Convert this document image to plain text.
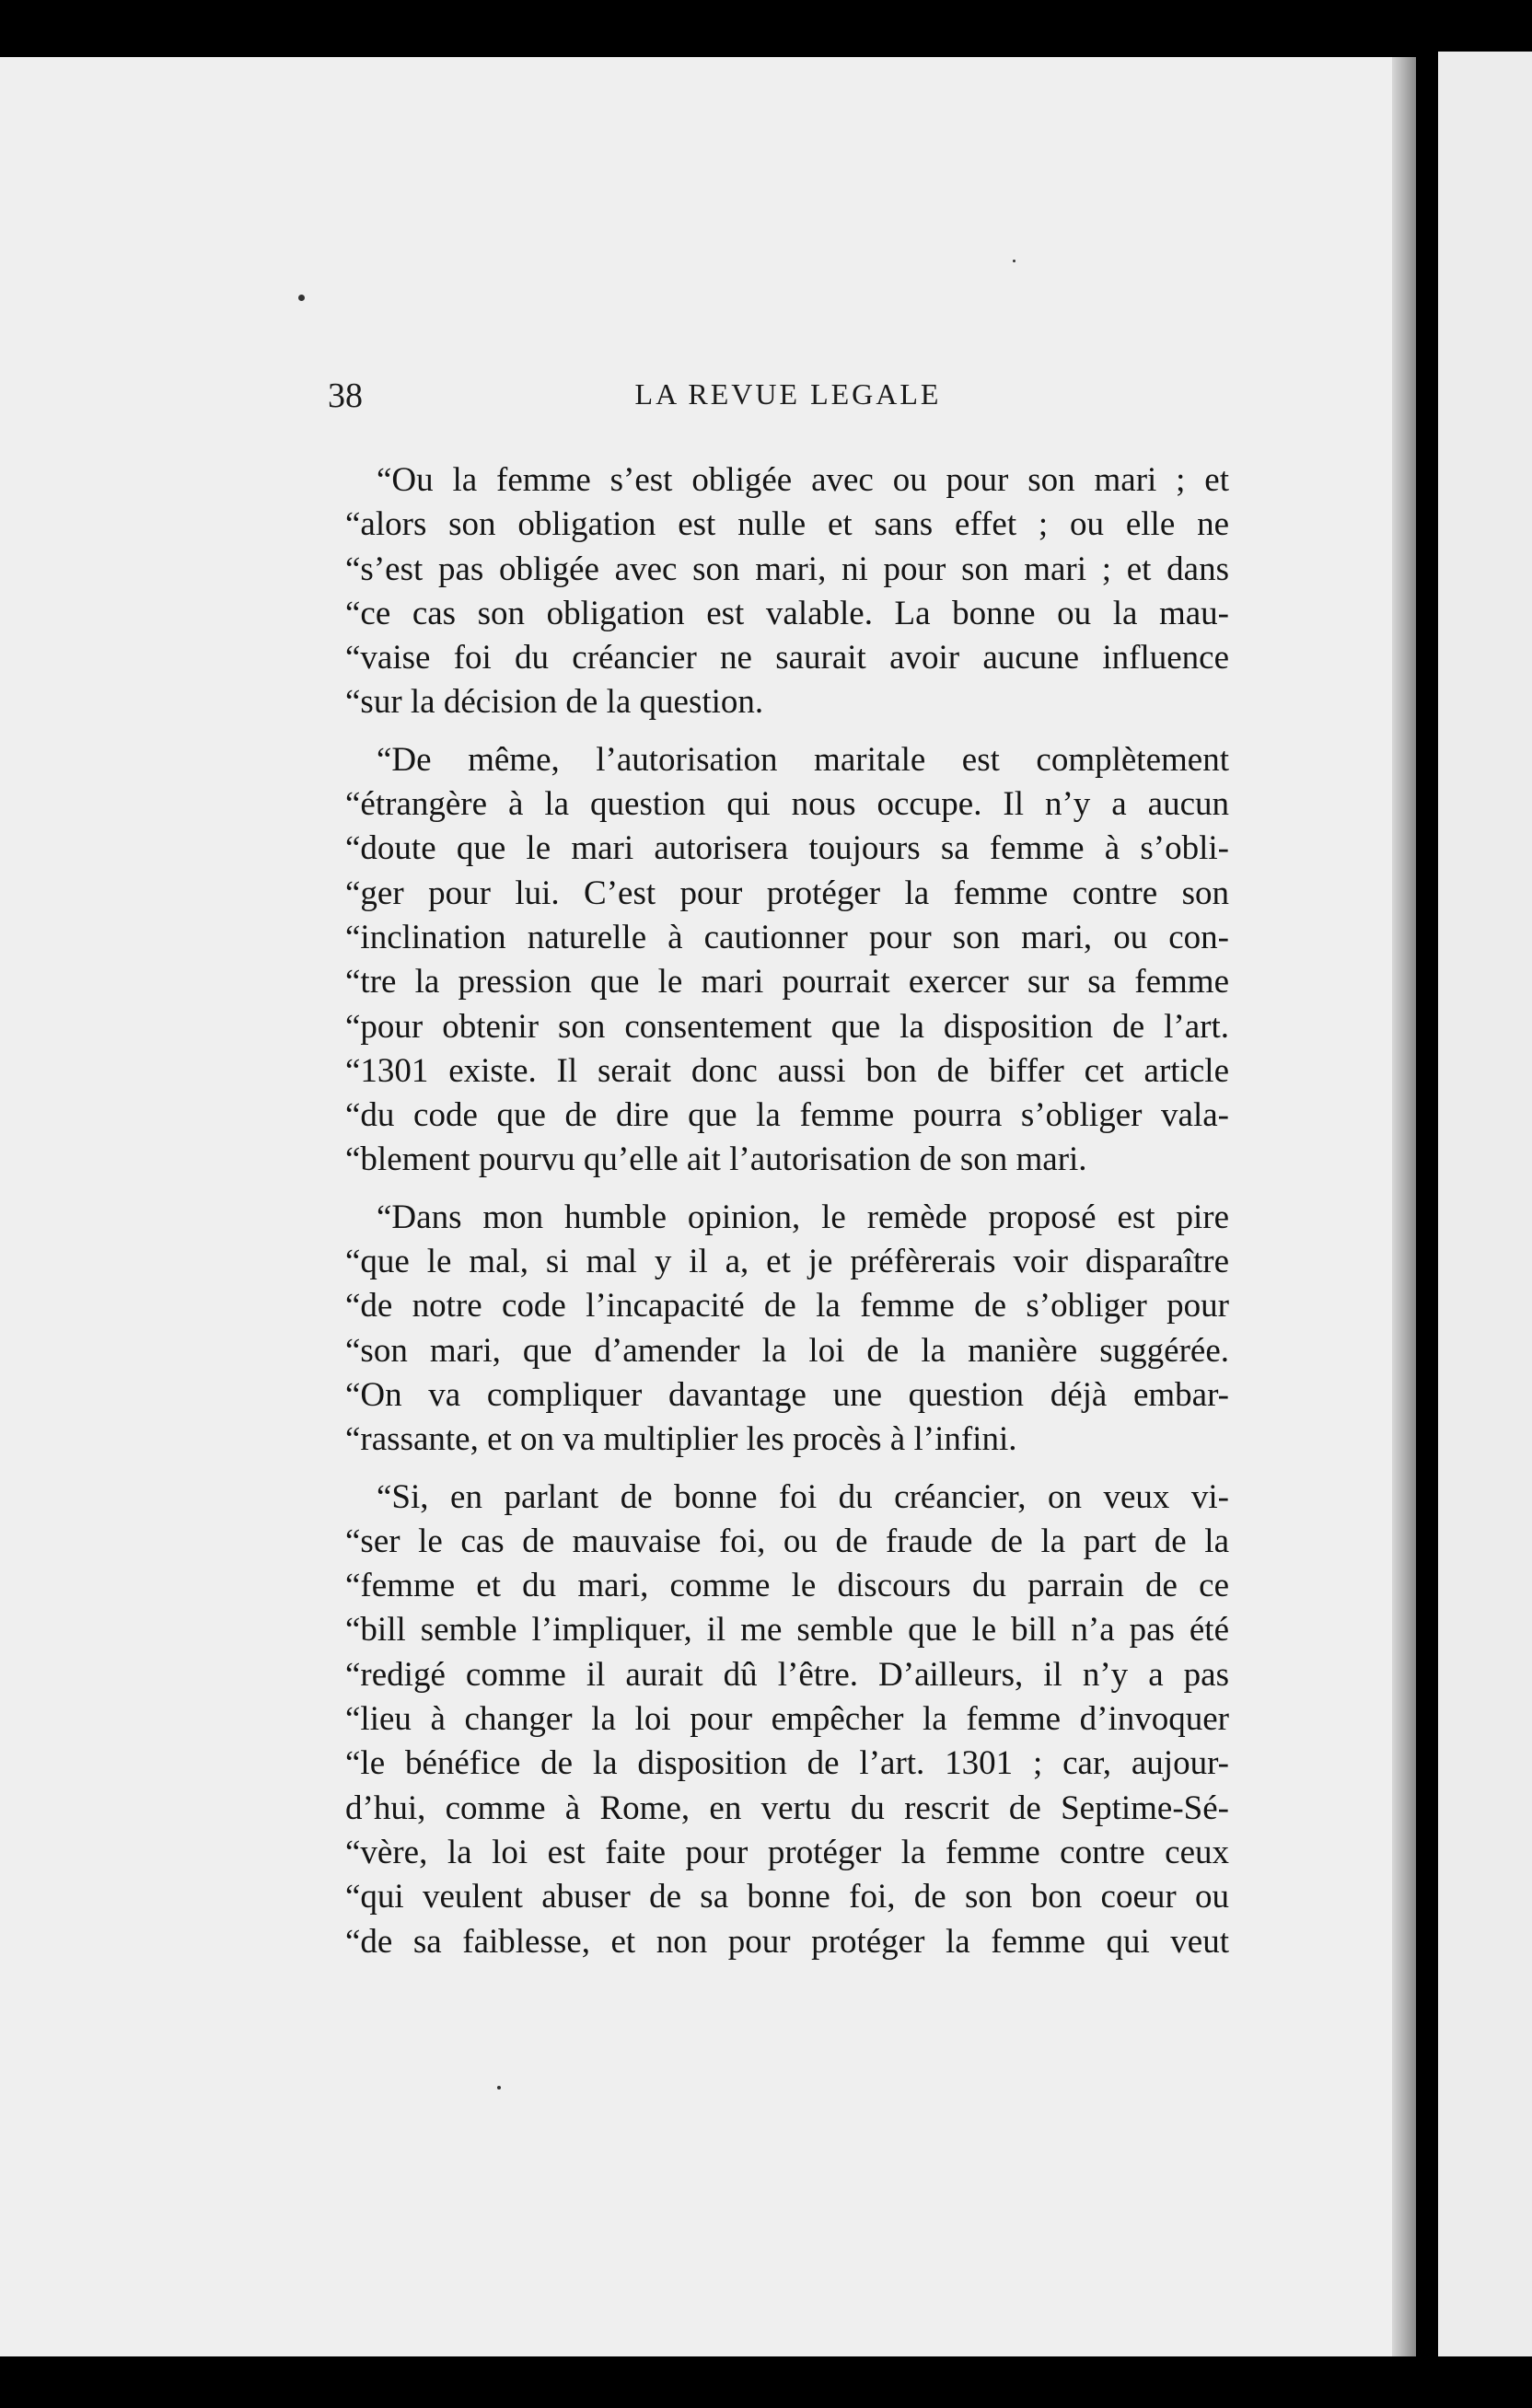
38	LA REVUE LEGALE
“Ou la femme s’est obligée avec ou pour son mari ; et
“alors son obligation est nulle et sans effet ; ou elle ne
“s’est pas obligée avec son mari, ni pour son mari ; et dans
“ce cas son obligation est valable. La bonne ou la mau-
“vaise foi du créancier ne saurait avoir aucune influence
“sur la décision de la question.
“De même, l’autorisation maritale est complètement
“étrangère à la question qui nous occupe. Il n’y a aucun
“doute que le mari autorisera toujours sa femme à s’obli-
“ger pour lui. C’est pour protéger la femme contre son
“inclination naturelle à cautionner pour son mari, ou con-
“tre la pression que le mari pourrait exercer sur sa femme
“pour obtenir son consentement que la disposition de l’art.
“1301 existe. Il serait donc aussi bon de biffer cet article
“du code que de dire que la femme pourra s’obliger vala-
“blement pourvu qu’elle ait l’autorisation de son mari.
“Dans mon humble opinion, le remède proposé est pire
“que le mal, si mal y il a, et je préfèrerais voir disparaître
“de notre code l’incapacité de la femme de s’obliger pour
“son mari, que d’amender la loi de la manière suggérée.
“On va compliquer davantage une question déjà embar-
“rassante, et on va multiplier les procès à l’infini.
“Si, en parlant de bonne foi du créancier, on veux vi-
“ser le cas de mauvaise foi, ou de fraude de la part de la
“femme et du mari, comme le discours du parrain de ce
“bill semble l’impliquer, il me semble que le bill n’a pas été
“redigé comme il aurait dû l’être. D’ailleurs, il n’y a pas
“lieu à changer la loi pour empêcher la femme d’invoquer
“le bénéfice de la disposition de l’art. 1301 ; car, aujour-
d’hui, comme à Rome, en vertu du rescrit de Septime-Sé-
“vère, la loi est faite pour protéger la femme contre ceux
“qui veulent abuser de sa bonne foi, de son bon coeur ou
“de sa faiblesse, et non pour protéger la femme qui veut
